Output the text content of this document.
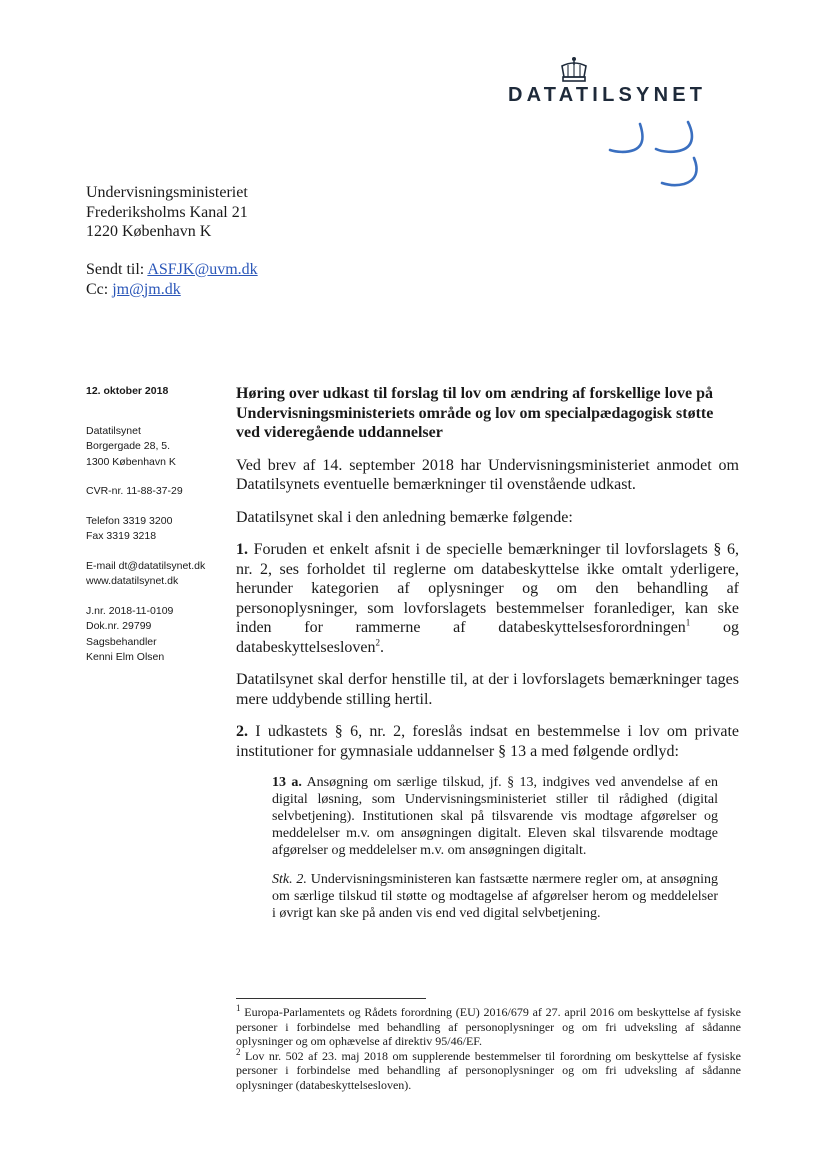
DATATILSYNET
Undervisningsministeriet
Frederiksholms Kanal 21
1220 København K
Sendt til: ASFJK@uvm.dk
Cc: jm@jm.dk
12. oktober 2018
Datatilsynet
Borgergade 28, 5.
1300 København K
CVR-nr. 11-88-37-29
Telefon 3319 3200
Fax 3319 3218
E-mail dt@datatilsynet.dk
www.datatilsynet.dk
J.nr. 2018-11-0109
Dok.nr. 29799
Sagsbehandler
Kenni Elm Olsen
Høring over udkast til forslag til lov om ændring af forskellige love på Undervisningsministeriets område og lov om specialpædagogisk støtte ved videregående uddannelser

Ved brev af 14. september 2018 har Undervisningsministeriet anmodet om Datatilsynets eventuelle bemærkninger til ovenstående udkast.

Datatilsynet skal i den anledning bemærke følgende:

1. Foruden et enkelt afsnit i de specielle bemærkninger til lovforslagets § 6, nr. 2, ses forholdet til reglerne om databeskyttelse ikke omtalt yderligere, herunder kategorien af oplysninger og om den behandling af personoplysninger, som lovforslagets bestemmelser foranlediger, kan ske inden for rammerne af databeskyttelsesforordningen$^1$ og databeskyttelsesloven$^2$.

Datatilsynet skal derfor henstille til, at der i lovforslagets bemærkninger tages mere uddybende stilling hertil.

2. I udkastets § 6, nr. 2, foreslås indsat en bestemmelse i lov om private institutioner for gymnasiale uddannelser § 13 a med følgende ordlyd:

13 a. Ansøgning om særlige tilskud, jf. § 13, indgives ved anvendelse af en digital løsning, som Undervisningsministeriet stiller til rådighed (digital selvbetjening). Institutionen skal på tilsvarende vis modtage afgørelser og meddelelser m.v. om ansøgningen digitalt. Eleven skal tilsvarende modtage afgørelser og meddelelser m.v. om ansøgningen digitalt.

Stk. 2. Undervisningsministeren kan fastsætte nærmere regler om, at ansøgning om særlige tilskud til støtte og modtagelse af afgørelser herom og meddelelser i øvrigt kan ske på anden vis end ved digital selvbetjening.

$^1$ Europa-Parlamentets og Rådets forordning (EU) 2016/679 af 27. april 2016 om beskyttelse af fysiske personer i forbindelse med behandling af personoplysninger og om fri udveksling af sådanne oplysninger og om ophævelse af direktiv 95/46/EF.
$^2$ Lov nr. 502 af 23. maj 2018 om supplerende bestemmelser til forordning om beskyttelse af fysiske personer i forbindelse med behandling af personoplysninger og om fri udveksling af sådanne oplysninger (databeskyttelsesloven).
